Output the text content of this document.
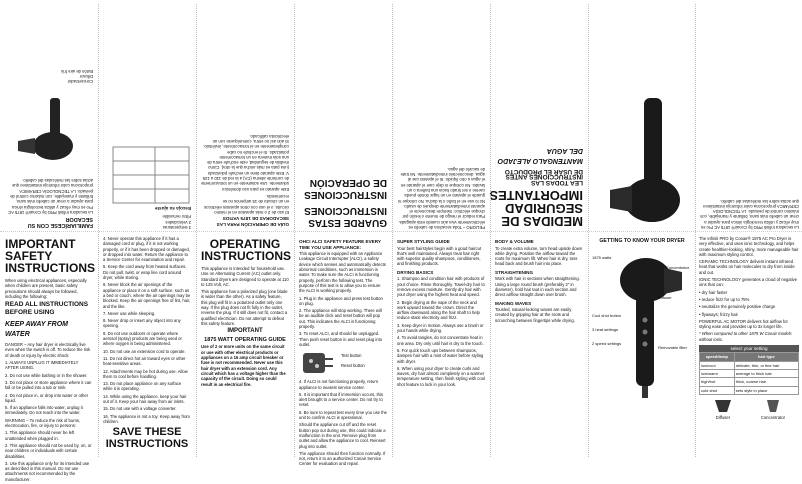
IMPORTANT SAFETY INSTRUCTIONS

When using electrical appliances, especially when children are present, basic safety precautions should always be followed, including the following:

READ ALL INSTRUCTIONS BEFORE USING
KEEP AWAY FROM WATER

DANGER – Any hair dryer is electrically live even when the switch is off. To reduce the risk of death or injury by electric shock:

1. ALWAYS UNPLUG IT IMMEDIATELY AFTER USING.

2. Do not use while bathing or in the shower.

3. Do not place or store appliance where it can fall or be pulled into a tub or sink.

4. Do not place in, or drop into water or other liquid.

5. If an appliance falls into water, unplug it immediately. Do not reach into the water.

WARNING – To reduce the risk of burns, electrocution, fire, or injury to persons:

1. This appliance should never be left unattended when plugged in.

2. This appliance should not be used by, on, or near children or individuals with certain disabilities.

3. Use this appliance only for its intended use as described in this manual. Do not use attachments not recommended by the manufacturer.

FAMILIARÍCESE CON SU SECADOR

La secadora Infiniti PRO by Conair® 1875 AC Pro es muy eficaz y utiliza tecnología iónica para ayudar a crear un cabello más sano, brillante y manejable, con máximo control de peinado. LA TECNOLOGÍA CERÁMICA proporciona calor infrarrojo instantáneo que actúa sobre las moléculas del cabello.

Concentrador
Difusor
Botón de aire frío

4. Never operate this appliance if it has a damaged cord or plug, if it is not working properly, or if it has been dropped or damaged, or dropped into water. Return the appliance to a Service Center for examination and repair.

5. Keep the cord away from heated surfaces. Do not pull, twist, or wrap line cord around dryer, while storing.

6. Never block the air openings of the appliance or place it on a soft surface, such as a bed or couch, where the air openings may be blocked. Keep the air openings free of lint, hair, and the like.

7. Never use while sleeping.

8. Never drop or insert any object into any opening.

9. Do not use outdoors or operate where aerosol (spray) products are being used or where oxygen is being administered.

10. Do not use an extension cord to operate.

11. Do not direct hot air toward eyes or other heat-sensitive areas.

12. Attachments may be hot during use. Allow them to cool before handling.

13. Do not place appliance on any surface while it is operating.

14. While using the appliance, keep your hair out of it. Keep your hair away from air inlets.

15. Do not use with a voltage converter.

16. The appliance is not a toy. Keep away from children.

SAVE THESE INSTRUCTIONS
3 temperaturas
2 velocidades
Filtro removible
Escoja su ajuste
OPERATING INSTRUCTIONS

This appliance is intended for household use. Use on Alternating Current (AC) outlet only. Standard dryers are designed to operate at 110 to 125 Volt, AC.

This appliance has a polarized plug (one blade is wider than the other). As a safety feature, this plug will fit in a polarized outlet only one way. If the plug does not fit fully in the outlet, reverse the plug. If it still does not fit, contact a qualified electrician. Do not attempt to defeat this safety feature.

IMPORTANT
1875 WATT OPERATING GUIDE

Use of 2 or more units on the same circuit or use with other electrical products or appliances on a 15 amp circuit breaker or fuse is not recommended. Never use this hair dryer with an extension cord. Any circuit which has a voltage higher than the capacity of the circuit. Doing so could result in an electrical fire.

GUÍA DE OPERACIÓN PARA LAS SECADORAS DE 1875 VATIOS

El uso de 2 o más aparatos en el mismo circuito, o el uso con otros aparatos eléctricos en un circuito de 15 amperios no se recomienda.

Este aparato es para uso doméstico solamente. Use solamente en un tomacorriente de corriente alterna (CA) a la red de 110 a 125 V. Este aparato tiene un enchufe polarizado (una pata es más ancha que la otra). Como medida de seguridad, este enchufe entra de una sola manera en un tomacorriente polarizado. Si el enchufe no cabe completamente en el tomacorriente, inviértalo. Si aún así no entra, comuníquese con un electricista calificado.

OHCI ALCI SAFETY FEATURE EVERY TIME YOU USE APPLIANCE:

This appliance is equipped with an Appliance Leakage Circuit Interrupter (ALCI), a safety device which senses and automatically detects abnormal conditions, such as immersion in water. To make sure the ALCI is functioning properly, perform the following test. The purpose of this test is to allow you to ensure the ALCI is working properly.

1. Plug in the appliance and press test button on plug.

2. The appliance will stop working. There will be an audible click and reset button will pop out. This indicates the ALCI is functioning properly.

3. To reset ALCI, and should be unplugged. Then push reset button in and reset plug into outlet.

Test button
Reset button

4. If ALCI is not functioning properly, return appliance to nearest service center.

5. It is important that if immersion occurs, this alert brought to a service center. Do not try to reset.

6. Be sure to repeat test every time you use the unit to confirm ALCI is operational.

Should the appliance cut off and the reset button pop out during use, this could indicate a malfunction in the unit. Remove plug from outlet and allow the appliance to cool. Reinsert plug into outlet.

The appliance should then function normally. If not, return it to an authorized Conair Service Center for evaluation and repair.

GUARDE ESTAS INSTRUCCIONES
INSTRUCCIONES DE OPERACIÓN
SUPER STYLING GUIDE

Your best hairstyles begin with a good haircut that's well maintained. Always treat hair right with superior quality shampoos, conditioners, and finishing products.

DRYING BASICS

1. Shampoo and condition hair with products of your choice. Rinse thoroughly. Towel-dry hair to remove excess moisture. Gently dry hair with your dryer using the highest heat and speed.

2. Begin drying at the nape of the neck and work upward toward the crown. Direct the airflow downward along the hair shaft to help reduce static electricity and frizz.

3. Keep dryer in motion. Always use a brush or your hands while drying.

4. To avoid tangles, do not concentrate heat in one area. Dry only until hair is dry to the touch.

5. For quick touch ups between shampoos, dampen hair with a mist of water before styling with dryer.

6. When using your dryer to create curls and waves, dry hair almost completely on a warmer temperature setting, then finish styling with cool shot feature to lock in your look.

PELIGRO – Toda secadora de cabello es eléctricamente viva aún cuando está apagada. Para reducir el riesgo de muerte o lesión por choque eléctrico: Siempre desconecte el aparato inmediatamente después de usarlo. No lo use en el baño o la ducha. No coloque ni guarde el aparato en un lugar donde pueda caerse o ser tirado hacia una bañera o un lavabo. No coloque ni deje caer el aparato en el agua u otro líquido. Si el aparato cae al agua, desconéctelo inmediatamente. No trate de sacarlo del agua.

BODY & VOLUME

To create extra volume, turn head upside down while drying. Position the airflow toward the roots for maximum lift. When hair is dry, toss head back and brush hair into place.

STRAIGHTENING

Work with hair in sections when straightening. Using a large round brush (preferably 2" in diameter), hold hair taut in each section and direct airflow straight down over brush.

MAKING WAVES

Tousled, natural-looking waves are easily created by gripping hair at the roots and scrunching between fingertips while drying.

MEDIDAS DE SEGURIDAD IMPORTANTES
LEA TODAS LAS INSTRUCCIONES ANTES DE USAR EL PRODUCTO
MANTENGALO ALEJADO DEL AGUA
GETTING TO KNOW YOUR DRYER
1875 watts
Concentrator
Cool shot button
3 heat settings
2 speed settings
Removable filter
Diffuser

The Infiniti PRO by Conair® 1875 AC Pro Dryer is very effective, and uses ionic technology, and helps create healthier-looking, shiny, more manageable hair with maximum styling control.

CERAMIC TECHNOLOGY delivers instant infrared heat that works on hair molecules to dry from inside and out.

IONIC TECHNOLOGY generates a cloud of negative ions that can:

• dry hair faster

• reduce frizz for up to 75%

• neutralize the genuinely positive charge

• flyaways; frizzy hair

POWERFUL AC MOTOR delivers hot airflow for styling ease and provides up to 3x longer life.

* When compared to other 1875 W Conair models without ionic.

select your setting
speed/temp	hair type
low/cool	delicate, thin, or fine hair
low/warm	average to thick hair
high/hot	thick, coarse hair
cold shot	sets style in place
Diffuser	Concentrator

La secadora Infiniti PRO by Conair® 1875 AC Pro es muy eficaz y utiliza tecnología iónica para ayudar a crear un cabello más sano, brillante y manejable, con máximo control de peinado. LA TECNOLOGÍA CERÁMICA proporciona calor infrarrojo instantáneo que actúa sobre las moléculas del cabello.
